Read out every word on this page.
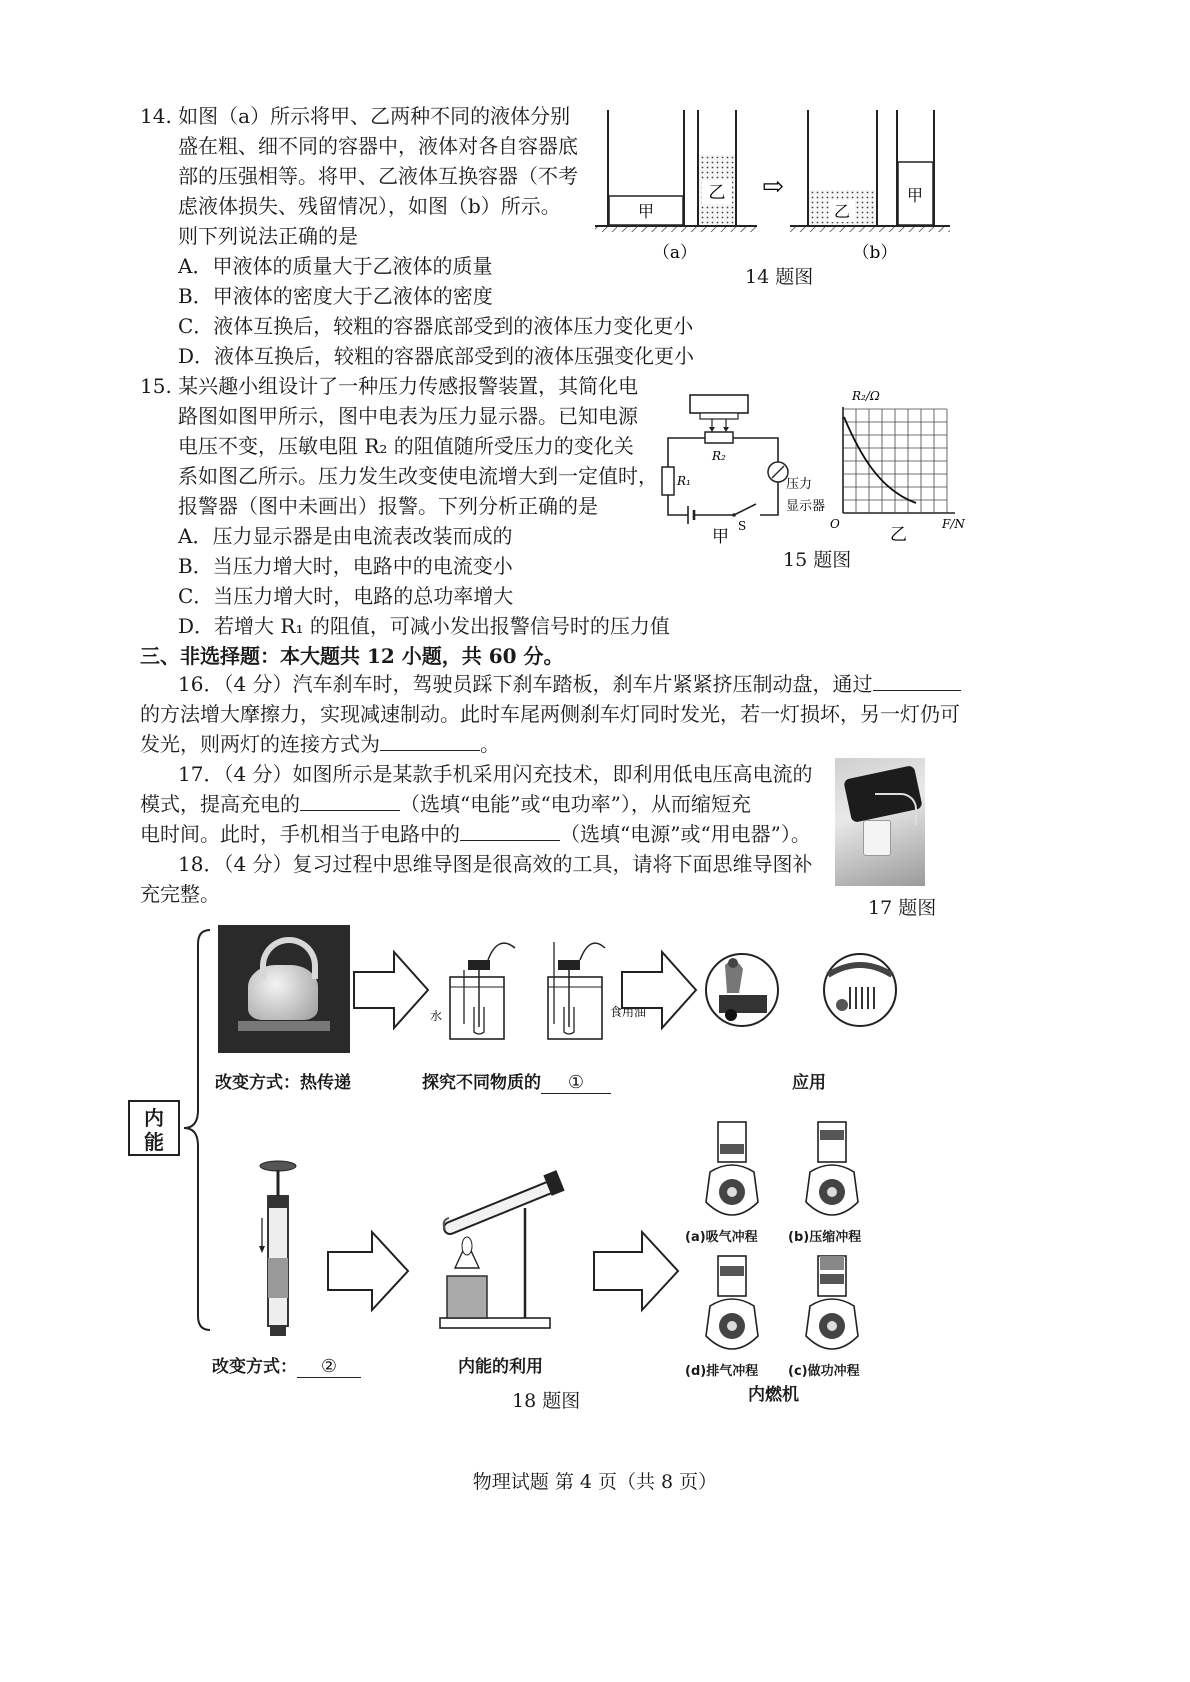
14. 如图（a）所示将甲、乙两种不同的液体分别
盛在粗、细不同的容器中，液体对各自容器底
部的压强相等。将甲、乙液体互换容器（不考
虑液体损失、残留情况），如图（b）所示。
则下列说法正确的是
A．甲液体的质量大于乙液体的质量
B．甲液体的密度大于乙液体的密度
C．液体互换后，较粗的容器底部受到的液体压力变化更小
D．液体互换后，较粗的容器底部受到的液体压强变化更小
甲
乙 ⇨
乙
甲
（a）	（b）
14 题图
15. 某兴趣小组设计了一种压力传感报警装置，其简化电
路图如图甲所示，图中电表为压力显示器。已知电源
电压不变，压敏电阻 R₂ 的阻值随所受压力的变化关
系如图乙所示。压力发生改变使电流增大到一定值时，
报警器（图中未画出）报警。下列分析正确的是
A．压力显示器是由电流表改装而成的
B．当压力增大时，电路中的电流变小
C．当压力增大时，电路的总功率增大
D．若增大 R₁ 的阻值，可减小发出报警信号时的压力值
R₂
压力
显示器
R₁
S
甲
R₂/Ω
O	F/N
乙
15 题图
三、非选择题：本大题共 12 小题，共 60 分。
16．（4 分）汽车刹车时，驾驶员踩下刹车踏板，刹车片紧紧挤压制动盘，通过
的方法增大摩擦力，实现减速制动。此时车尾两侧刹车灯同时发光，若一灯损坏，另一灯仍可
发光，则两灯的连接方式为	。
17．（4 分）如图所示是某款手机采用闪充技术，即利用低电压高电流的
模式，提高充电的	（选填“电能”或“电功率”），从而缩短充
电时间。此时，手机相当于电路中的	（选填“电源”或“用电器”）。
17 题图
18．（4 分）复习过程中思维导图是很高效的工具，请将下面思维导图补
充完整。
内
能
水	食用油
改变方式：热传递	探究不同物质的 ①	应用
(a)吸气冲程 (b)压缩冲程
(d)排气冲程 (c)做功冲程
内燃机
改变方式： ②	内能的利用
18 题图
物理试题 第 4 页（共 8 页）
